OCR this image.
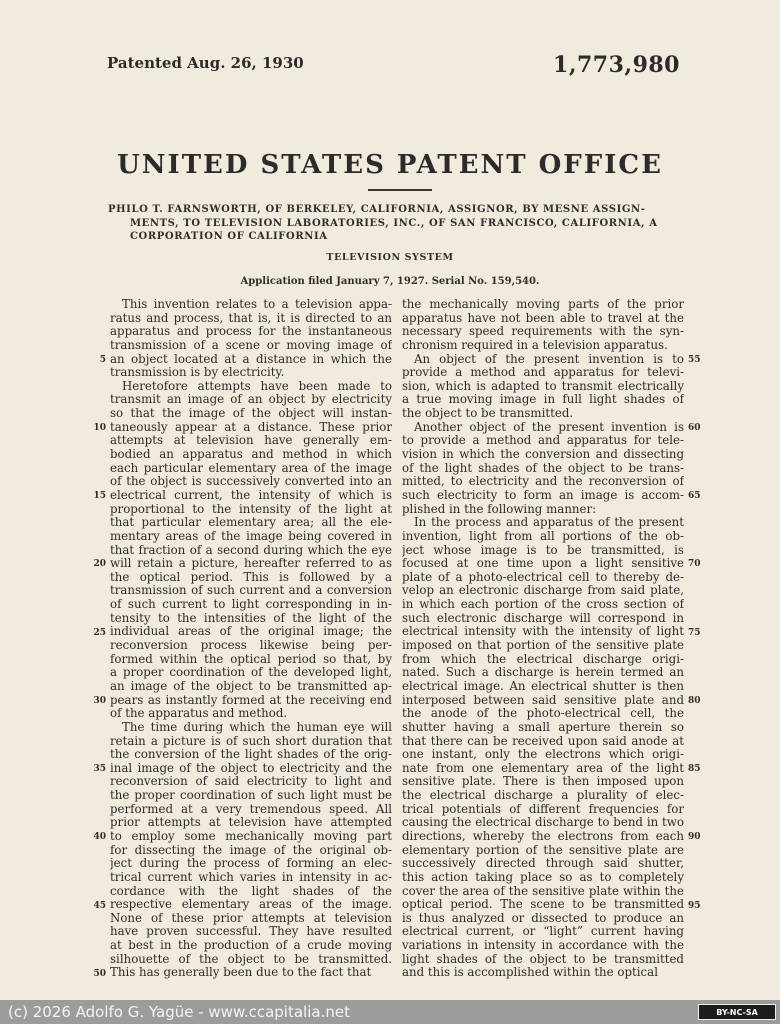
Patented Aug. 26, 1930	1,773,980
UNITED STATES PATENT OFFICE
PHILO T. FARNSWORTH, OF BERKELEY, CALIFORNIA, ASSIGNOR, BY MESNE ASSIGN-
MENTS, TO TELEVISION LABORATORIES, INC., OF SAN FRANCISCO, CALIFORNIA, A
CORPORATION OF CALIFORNIA
TELEVISION SYSTEM
Application filed January 7, 1927. Serial No. 159,540.
This invention relates to a television appa-
ratus and process, that is, it is directed to an
apparatus and process for the instantaneous
transmission of a scene or moving image of
an object located at a distance in which the
transmission is by electricity.
Heretofore attempts have been made to
transmit an image of an object by electricity
so that the image of the object will instan-
taneously appear at a distance. These prior
attempts at television have generally em-
bodied an apparatus and method in which
each particular elementary area of the image
of the object is successively converted into an
electrical current, the intensity of which is
proportional to the intensity of the light at
that particular elementary area; all the ele-
mentary areas of the image being covered in
that fraction of a second during which the eye
will retain a picture, hereafter referred to as
the optical period. This is followed by a
transmission of such current and a conversion
of such current to light corresponding in in-
tensity to the intensities of the light of the
individual areas of the original image; the
reconversion process likewise being per-
formed within the optical period so that, by
a proper coordination of the developed light,
an image of the object to be transmitted ap-
pears as instantly formed at the receiving end
of the apparatus and method.
The time during which the human eye will
retain a picture is of such short duration that
the conversion of the light shades of the orig-
inal image of the object to electricity and the
reconversion of said electricity to light and
the proper coordination of such light must be
performed at a very tremendous speed. All
prior attempts at television have attempted
to employ some mechanically moving part
for dissecting the image of the original ob-
ject during the process of forming an elec-
trical current which varies in intensity in ac-
cordance with the light shades of the
respective elementary areas of the image.
None of these prior attempts at television
have proven successful. They have resulted
at best in the production of a crude moving
silhouette of the object to be transmitted.
This has generally been due to the fact that
the mechanically moving parts of the prior
apparatus have not been able to travel at the
necessary speed requirements with the syn-
chronism required in a television apparatus.
An object of the present invention is to
provide a method and apparatus for televi-
sion, which is adapted to transmit electrically
a true moving image in full light shades of
the object to be transmitted.
Another object of the present invention is
to provide a method and apparatus for tele-
vision in which the conversion and dissecting
of the light shades of the object to be trans-
mitted, to electricity and the reconversion of
such electricity to form an image is accom-
plished in the following manner:
In the process and apparatus of the present
invention, light from all portions of the ob-
ject whose image is to be transmitted, is
focused at one time upon a light sensitive
plate of a photo-electrical cell to thereby de-
velop an electronic discharge from said plate,
in which each portion of the cross section of
such electronic discharge will correspond in
electrical intensity with the intensity of light
imposed on that portion of the sensitive plate
from which the electrical discharge origi-
nated. Such a discharge is herein termed an
electrical image. An electrical shutter is then
interposed between said sensitive plate and
the anode of the photo-electrical cell, the
shutter having a small aperture therein so
that there can be received upon said anode at
one instant, only the electrons which origi-
nate from one elementary area of the light
sensitive plate. There is then imposed upon
the electrical discharge a plurality of elec-
trical potentials of different frequencies for
causing the electrical discharge to bend in two
directions, whereby the electrons from each
elementary portion of the sensitive plate are
successively directed through said shutter,
this action taking place so as to completely
cover the area of the sensitive plate within the
optical period. The scene to be transmitted
is thus analyzed or dissected to produce an
electrical current, or “light” current having
variations in intensity in accordance with the
light shades of the object to be transmitted
and this is accomplished within the optical
5
10
15
20
25
30
35
40
45
50
55
60
65
70
75
80
85
90
95
(c) 2026 Adolfo G. Yagüe - www.ccapitalia.net	BY-NC-SA
